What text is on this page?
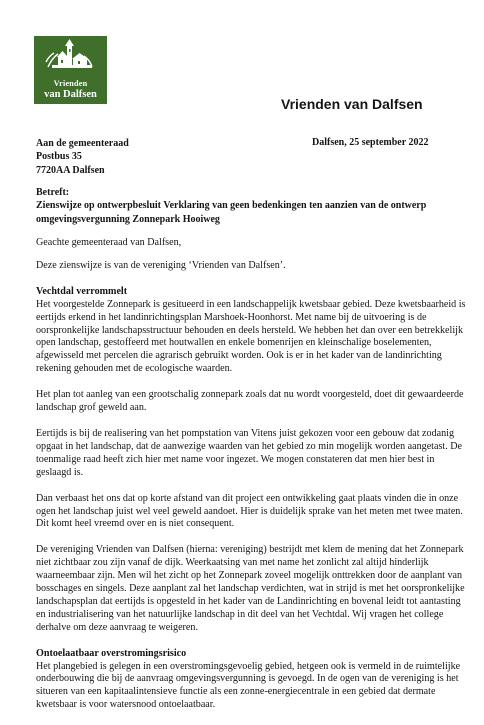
Vrienden
van Dalfsen
Vrienden van Dalfsen
Aan de gemeenteraad
Postbus 35
7720AA Dalfsen
Dalfsen, 25 september 2022
Betreft:
Zienswijze op ontwerpbesluit Verklaring van geen bedenkingen ten aanzien van de ontwerp omgevingsvergunning Zonnepark Hooiweg

Geachte gemeenteraad van Dalfsen,

Deze zienswijze is van de vereniging ‘Vrienden van Dalfsen’.

Vechtdal verrommelt

Het voorgestelde Zonnepark is gesitueerd in een landschappelijk kwetsbaar gebied. Deze kwetsbaarheid is eertijds erkend in het landinrichtingsplan Marshoek-Hoonhorst. Met name bij de uitvoering is de oorspronkelijke landschapsstructuur behouden en deels hersteld. We hebben het dan over een betrekkelijk open landschap, gestoffeerd met houtwallen en enkele bomenrijen en kleinschalige boselementen, afgewisseld met percelen die agrarisch gebruikt worden. Ook is er in het kader van de landinrichting rekening gehouden met de ecologische waarden.

Het plan tot aanleg van een grootschalig zonnepark zoals dat nu wordt voorgesteld, doet dit gewaardeerde landschap grof geweld aan.

Eertijds is bij de realisering van het pompstation van Vitens juist gekozen voor een gebouw dat zodanig opgaat in het landschap, dat de aanwezige waarden van het gebied zo min mogelijk worden aangetast. De toenmalige raad heeft zich hier met name voor ingezet. We mogen constateren dat men hier best in geslaagd is.

Dan verbaast het ons dat op korte afstand van dit project een ontwikkeling gaat plaats vinden die in onze ogen het landschap juist wel veel geweld aandoet. Hier is duidelijk sprake van het meten met twee maten. Dit komt heel vreemd over en is niet consequent.

De vereniging Vrienden van Dalfsen (hierna: vereniging) bestrijdt met klem de mening dat het Zonnepark niet zichtbaar zou zijn vanaf de dijk. Weerkaatsing van met name het zonlicht zal altijd hinderlijk waarneembaar zijn. Men wil het zicht op het Zonnepark zoveel mogelijk onttrekken door de aanplant van bosschages en singels. Deze aanplant zal het landschap verdichten, wat in strijd is met het oorspronkelijke landschapsplan dat eertijds is opgesteld in het kader van de Landinrichting en bovenal leidt tot aantasting en industrialisering van het natuurlijke landschap in dit deel van het Vechtdal. Wij vragen het college derhalve om deze aanvraag te weigeren.

Ontoelaatbaar overstromingsrisico

Het plangebied is gelegen in een overstromingsgevoelig gebied, hetgeen ook is vermeld in de ruimtelijke onderbouwing die bij de aanvraag omgevingsvergunning is gevoegd. In de ogen van de vereniging is het situeren van een kapitaalintensieve functie als een zonne-energiecentrale in een gebied dat dermate kwetsbaar is voor watersnood ontoelaatbaar.
